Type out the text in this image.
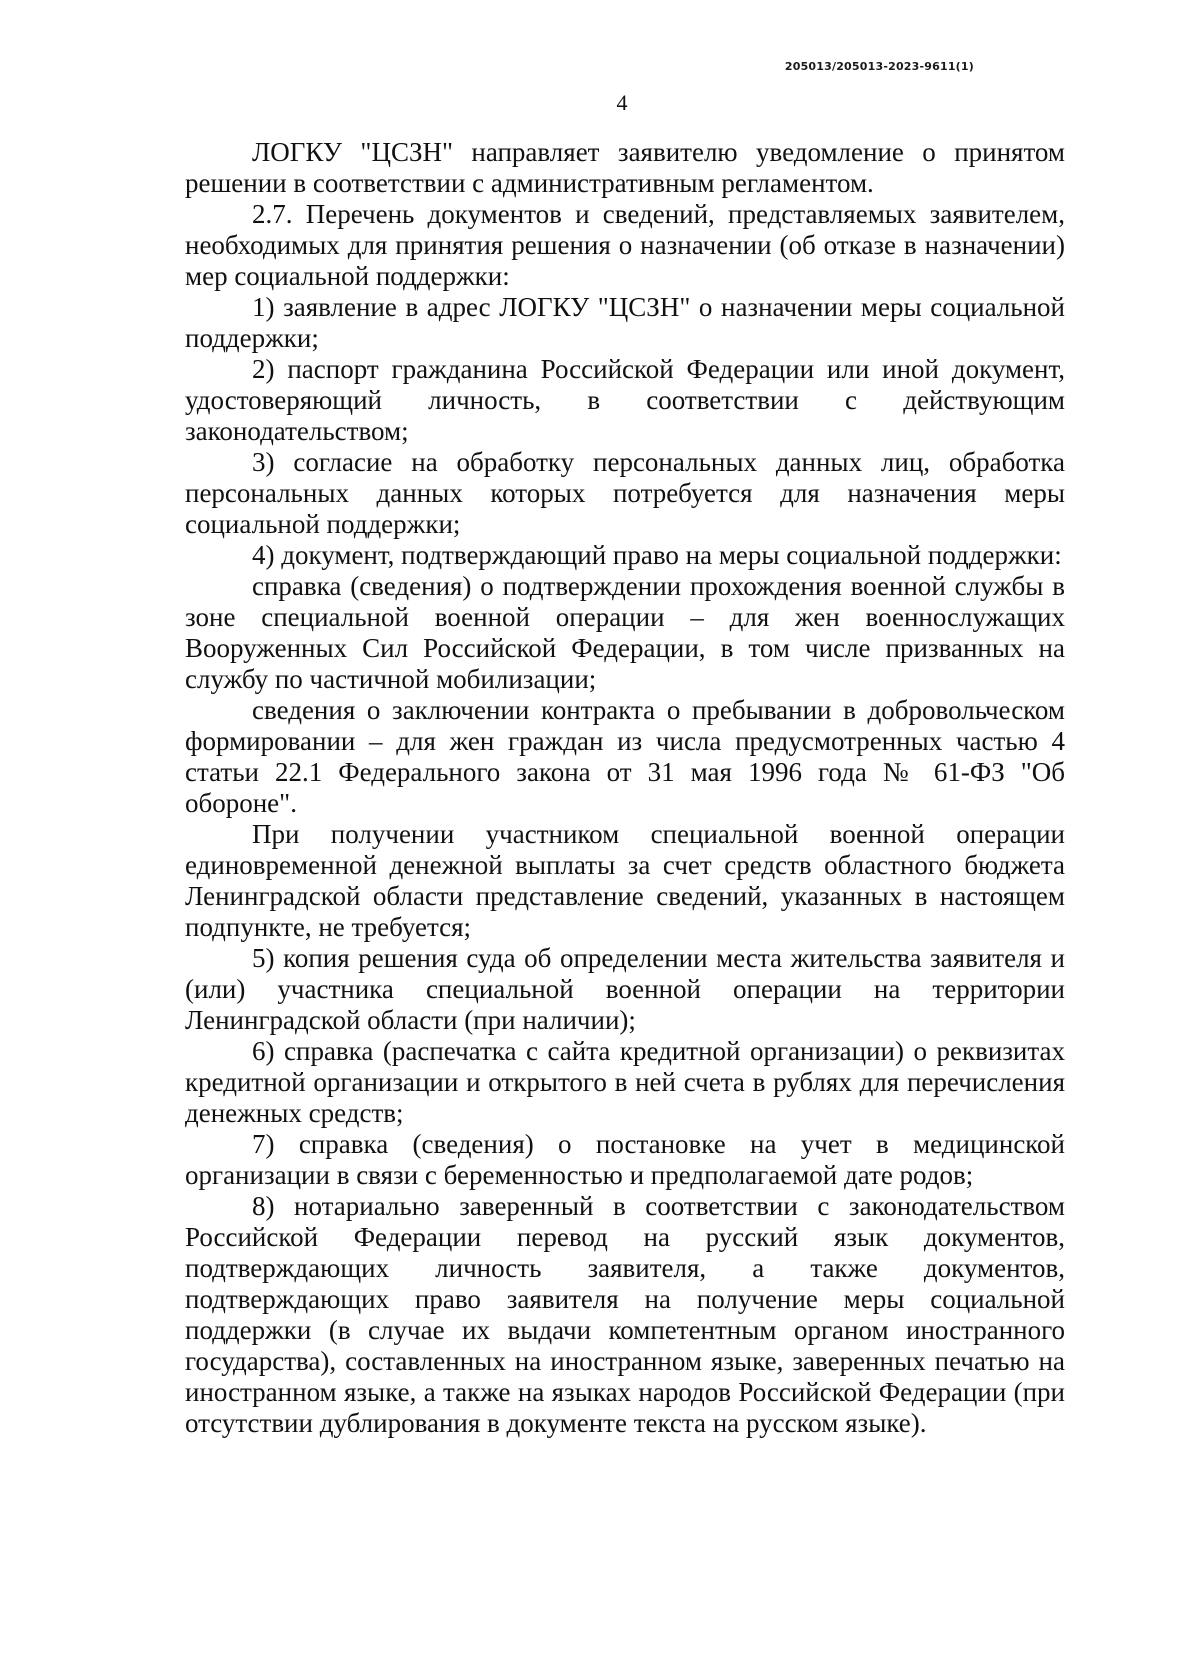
205013/205013-2023-9611(1)
4

ЛОГКУ "ЦСЗН" направляет заявителю уведомление о принятом решении в соответствии с административным регламентом.

2.7. Перечень документов и сведений, представляемых заявителем, необходимых для принятия решения о назначении (об отказе в назначении) мер социальной поддержки:

1) заявление в адрес ЛОГКУ "ЦСЗН" о назначении меры социальной поддержки;

2) паспорт гражданина Российской Федерации или иной документ, удостоверяющий личность, в соответствии с действующим законодательством;

3) согласие на обработку персональных данных лиц, обработка персональных данных которых потребуется для назначения меры социальной поддержки;

4) документ, подтверждающий право на меры социальной поддержки:

справка (сведения) о подтверждении прохождения военной службы в зоне специальной военной операции – для жен военнослужащих Вооруженных Сил Российской Федерации, в том числе призванных на службу по частичной мобилизации;

сведения о заключении контракта о пребывании в добровольческом формировании – для жен граждан из числа предусмотренных частью 4 статьи 22.1 Федерального закона от 31 мая 1996 года № 61-ФЗ "Об обороне".

При получении участником специальной военной операции единовременной денежной выплаты за счет средств областного бюджета Ленинградской области представление сведений, указанных в настоящем подпункте, не требуется;

5) копия решения суда об определении места жительства заявителя и (или) участника специальной военной операции на территории Ленинградской области (при наличии);

6) справка (распечатка с сайта кредитной организации) о реквизитах кредитной организации и открытого в ней счета в рублях для перечисления денежных средств;

7) справка (сведения) о постановке на учет в медицинской организации в связи с беременностью и предполагаемой дате родов;

8) нотариально заверенный в соответствии с законодательством Российской Федерации перевод на русский язык документов, подтверждающих личность заявителя, а также документов, подтверждающих право заявителя на получение меры социальной поддержки (в случае их выдачи компетентным органом иностранного государства), составленных на иностранном языке, заверенных печатью на иностранном языке, а также на языках народов Российской Федерации (при отсутствии дублирования в документе текста на русском языке).
